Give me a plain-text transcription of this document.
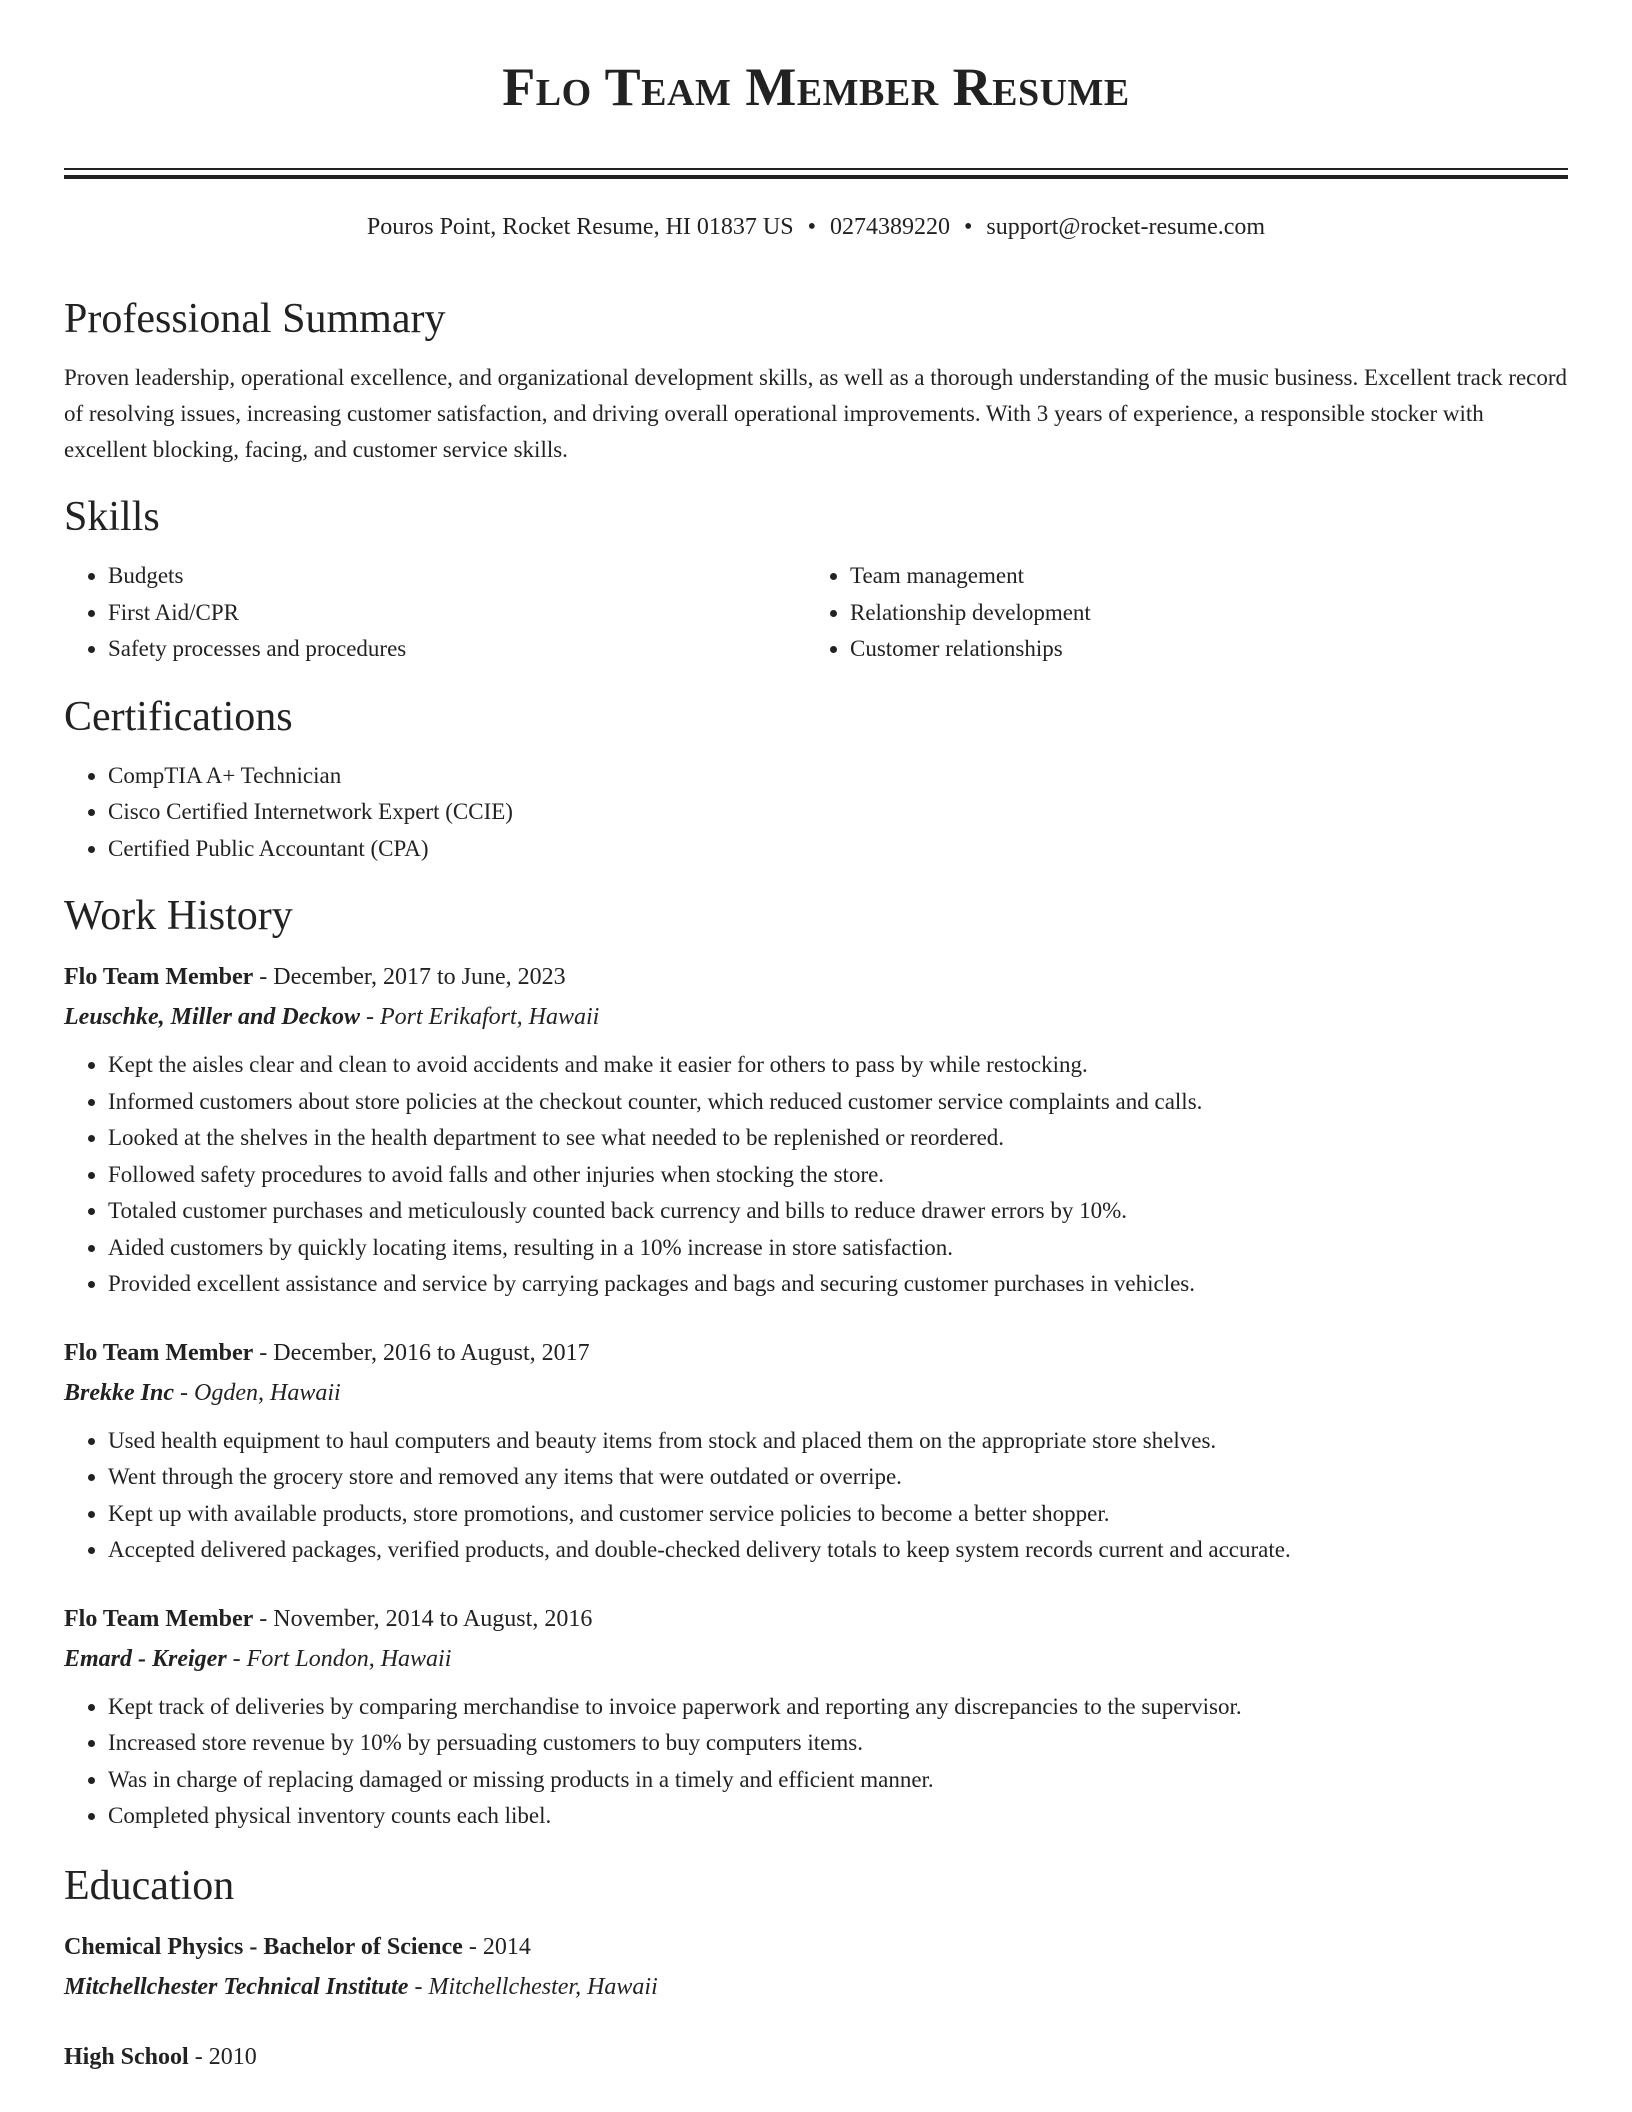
Flo Team Member Resume
Pouros Point, Rocket Resume, HI 01837 US • 0274389220 • support@rocket-resume.com
Professional Summary
Proven leadership, operational excellence, and organizational development skills, as well as a thorough understanding of the music business. Excellent track record of resolving issues, increasing customer satisfaction, and driving overall operational improvements. With 3 years of experience, a responsible stocker with excellent blocking, facing, and customer service skills.
Skills
• Budgets
• First Aid/CPR
• Safety processes and procedures
• Team management
• Relationship development
• Customer relationships
Certifications
• CompTIA A+ Technician
• Cisco Certified Internetwork Expert (CCIE)
• Certified Public Accountant (CPA)
Work History
Flo Team Member - December, 2017 to June, 2023
Leuschke, Miller and Deckow - Port Erikafort, Hawaii
• Kept the aisles clear and clean to avoid accidents and make it easier for others to pass by while restocking.
• Informed customers about store policies at the checkout counter, which reduced customer service complaints and calls.
• Looked at the shelves in the health department to see what needed to be replenished or reordered.
• Followed safety procedures to avoid falls and other injuries when stocking the store.
• Totaled customer purchases and meticulously counted back currency and bills to reduce drawer errors by 10%.
• Aided customers by quickly locating items, resulting in a 10% increase in store satisfaction.
• Provided excellent assistance and service by carrying packages and bags and securing customer purchases in vehicles.
Flo Team Member - December, 2016 to August, 2017
Brekke Inc - Ogden, Hawaii
• Used health equipment to haul computers and beauty items from stock and placed them on the appropriate store shelves.
• Went through the grocery store and removed any items that were outdated or overripe.
• Kept up with available products, store promotions, and customer service policies to become a better shopper.
• Accepted delivered packages, verified products, and double-checked delivery totals to keep system records current and accurate.
Flo Team Member - November, 2014 to August, 2016
Emard - Kreiger - Fort London, Hawaii
• Kept track of deliveries by comparing merchandise to invoice paperwork and reporting any discrepancies to the supervisor.
• Increased store revenue by 10% by persuading customers to buy computers items.
• Was in charge of replacing damaged or missing products in a timely and efficient manner.
• Completed physical inventory counts each libel.
Education
Chemical Physics - Bachelor of Science - 2014
Mitchellchester Technical Institute - Mitchellchester, Hawaii
High School - 2010
